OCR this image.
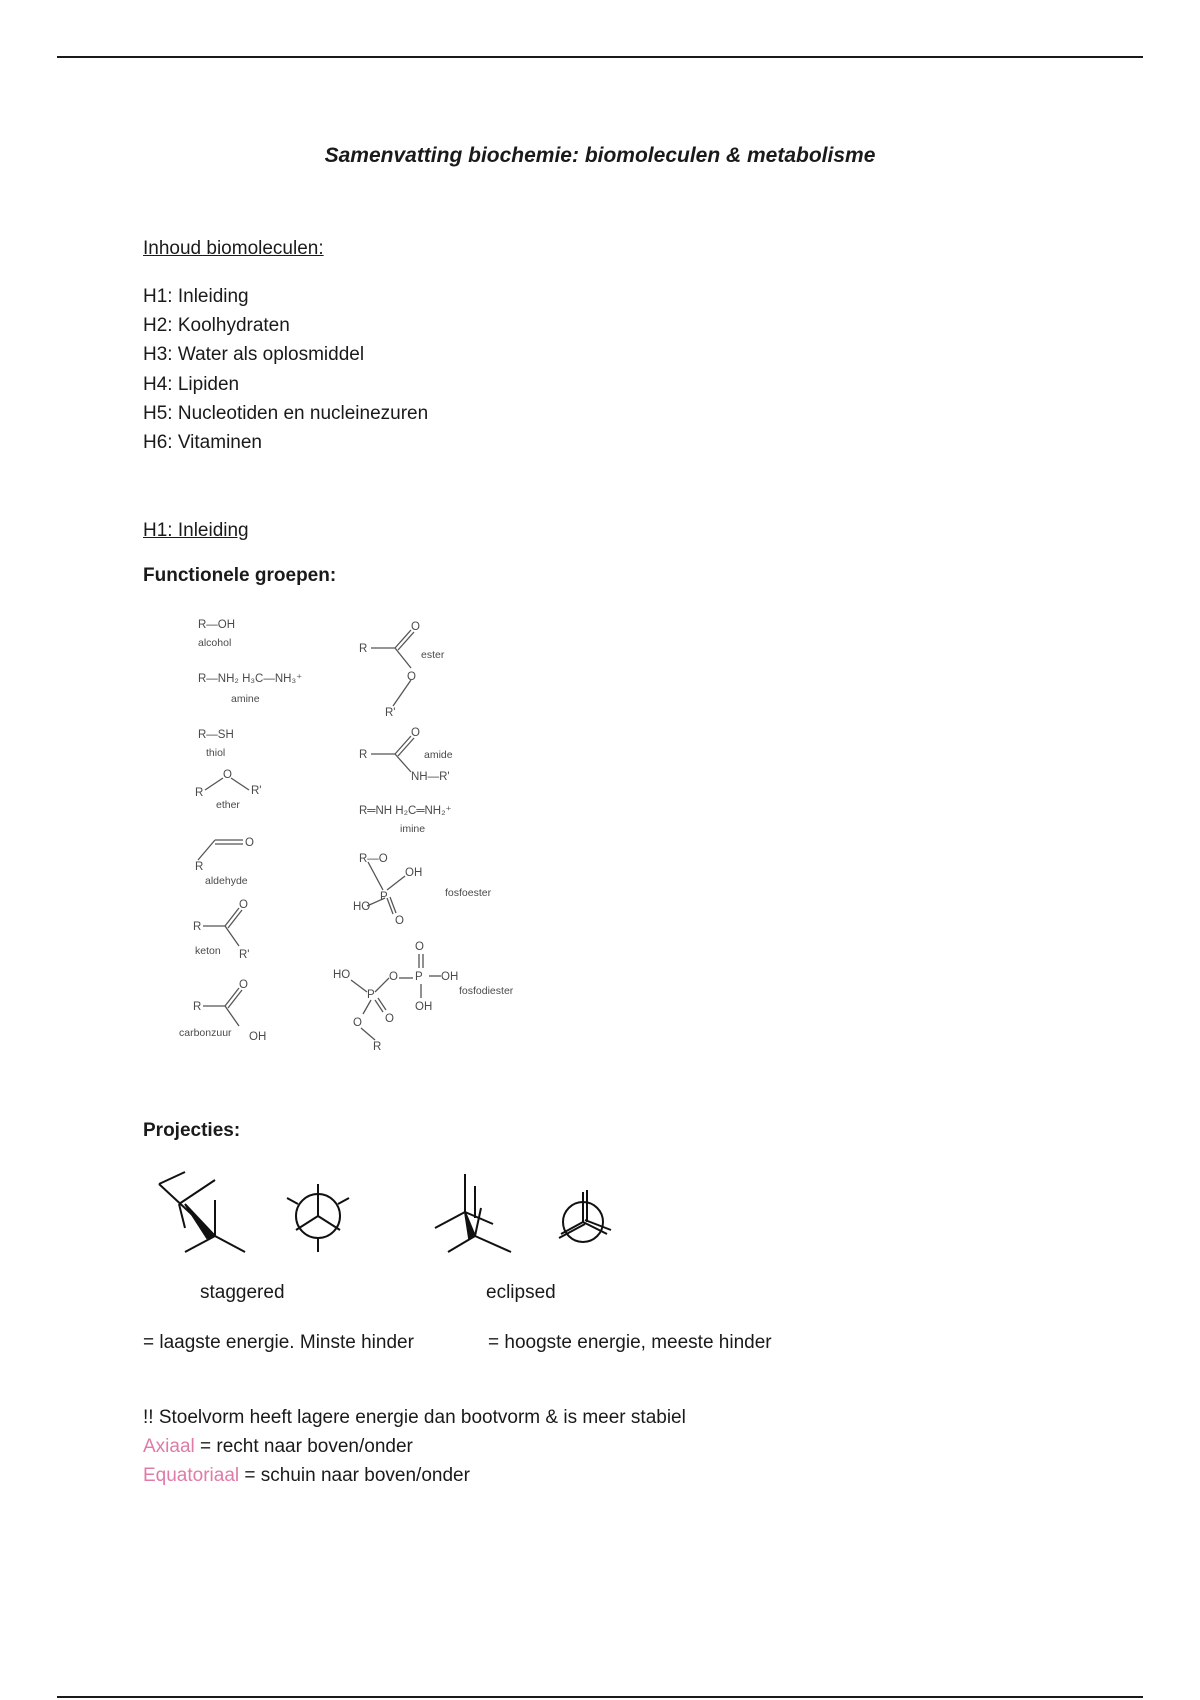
Samenvatting biochemie: biomoleculen & metabolisme
Inhoud biomoleculen:
H1: Inleiding
H2: Koolhydraten
H3: Water als oplosmiddel
H4: Lipiden
H5: Nucleotiden en nucleinezuren
H6: Vitaminen
H1: Inleiding
Functionele groepen:
R—OH
alcohol
R—NH₂ H₃C—NH₃⁺
amine
R—SH
thiol
R
O
R'
ether
O
R
aldehyde
O
R
R'
keton
O
R
carbonzuur OH
O
R	ester
O
R'
O
R	amide
NH—R'
R═NH H₂C═NH₂⁺
imine
R—O
OH
P
HO
O
fosfoester
O
HO
P
O P OH
OH
O
O
R
fosfodiester
Projecties:
staggered	eclipsed
= laagste energie. Minste hinder	= hoogste energie, meeste hinder
!! Stoelvorm heeft lagere energie dan bootvorm & is meer stabiel
Axiaal = recht naar boven/onder
Equatoriaal = schuin naar boven/onder
